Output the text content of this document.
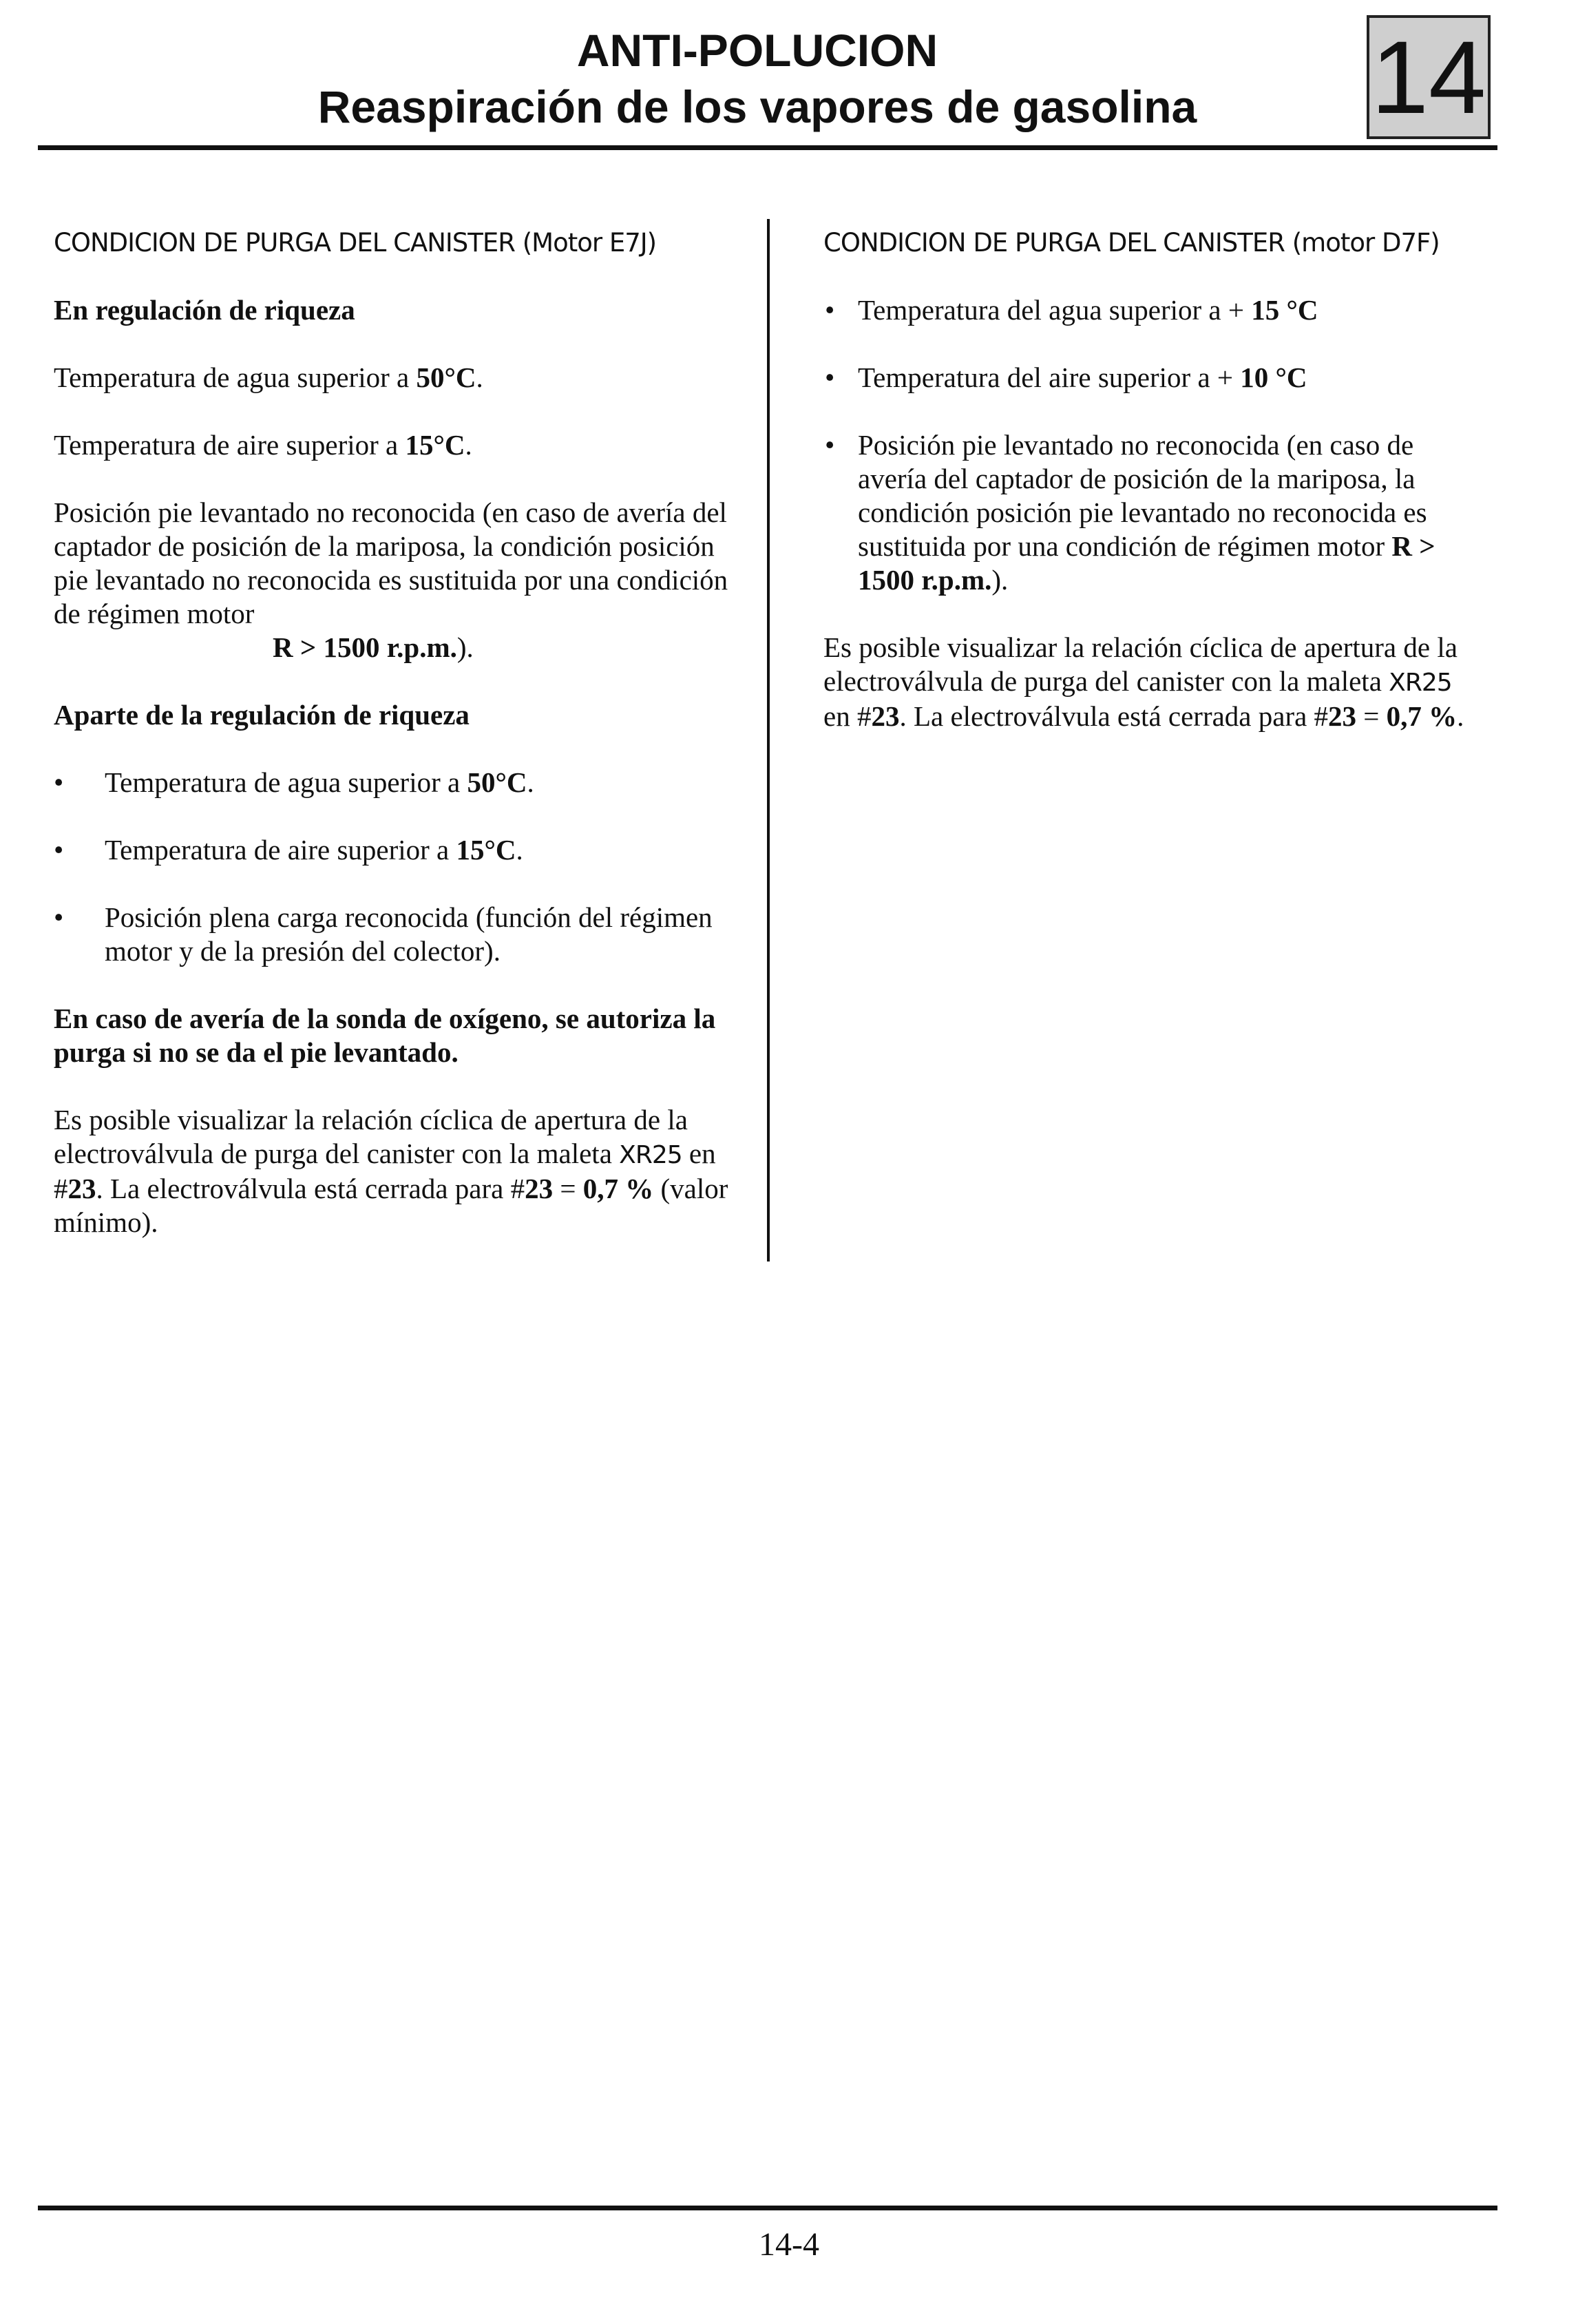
ANTI-POLUCION
Reaspiración de los vapores de gasolina	14
CONDICION DE PURGA DEL CANISTER (Motor E7J)
En regulación de riqueza
Temperatura de agua superior a 50°C.
Temperatura de aire superior a 15°C.
Posición pie levantado no reconocida (en caso de avería del captador de posición de la mariposa, la condición posición pie levantado no reconocida es sustituida por una condición de régimen motor
R > 1500 r.p.m.).
Aparte de la regulación de riqueza
• Temperatura de agua superior a 50°C.
• Temperatura de aire superior a 15°C.
• Posición plena carga reconocida (función del régimen motor y de la presión del colector).
En caso de avería de la sonda de oxígeno, se autoriza la purga si no se da el pie levantado.
Es posible visualizar la relación cíclica de apertura de la electroválvula de purga del canister con la maleta XR25 en #23. La electroválvula está cerrada para #23 = 0,7 % (valor mínimo).
CONDICION DE PURGA DEL CANISTER (motor D7F)
• Temperatura del agua superior a + 15 °C
• Temperatura del aire superior a + 10 °C
• Posición pie levantado no reconocida (en caso de avería del captador de posición de la mariposa, la condición posición pie levantado no reconocida es sustituida por una condición de régimen motor R > 1500 r.p.m.).
Es posible visualizar la relación cíclica de apertura de la electroválvula de purga del canister con la maleta XR25 en #23. La electroválvula está cerrada para #23 = 0,7 %.
14-4
